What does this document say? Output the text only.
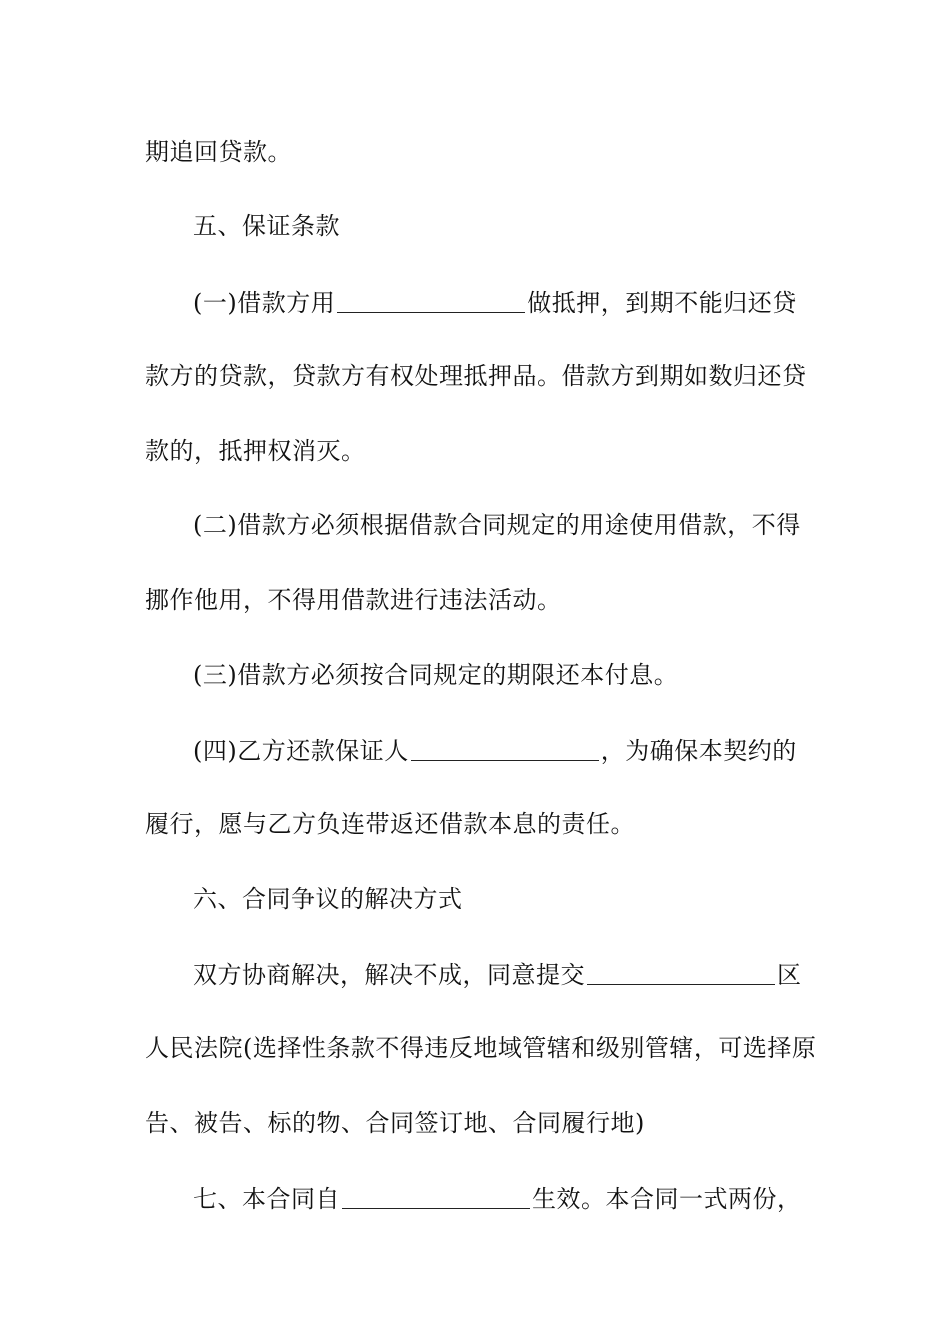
期追回贷款。
五、保证条款
(一)借款方用	做抵押，到期不能归还贷
款方的贷款，贷款方有权处理抵押品。借款方到期如数归还贷
款的，抵押权消灭。
(二)借款方必须根据借款合同规定的用途使用借款，不得
挪作他用，不得用借款进行违法活动。
(三)借款方必须按合同规定的期限还本付息。
(四)乙方还款保证人	，为确保本契约的
履行，愿与乙方负连带返还借款本息的责任。
六、合同争议的解决方式
双方协商解决，解决不成，同意提交	区
人民法院(选择性条款不得违反地域管辖和级别管辖，可选择原
告、被告、标的物、合同签订地、合同履行地)
七、本合同自	生效。本合同一式两份，
